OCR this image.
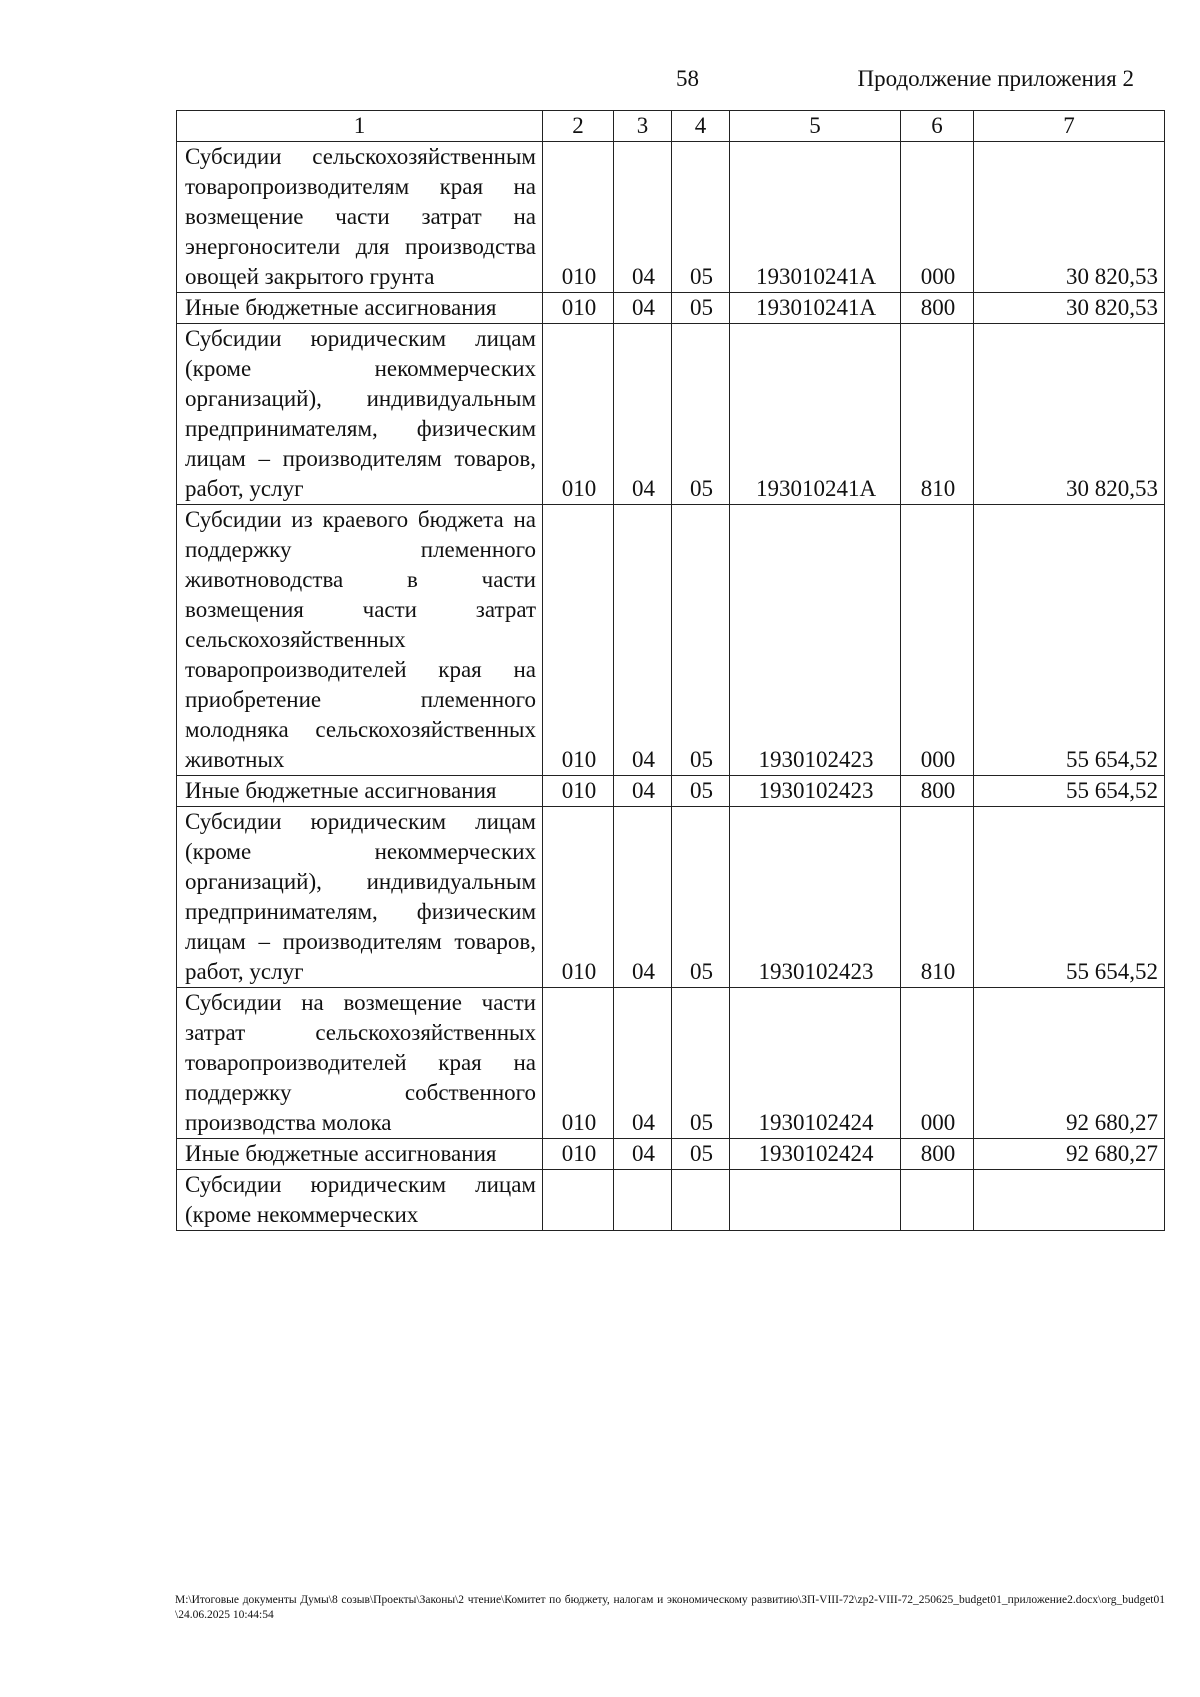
58	Продолжение приложения 2
1	2	3	4	5	6	7
Субсидии сельскохозяйственным товаропроизводителям края на возмещение части затрат на энергоносители для производства овощей закрытого грунта	010	04	05	193010241А	000	30 820,53
Иные бюджетные ассигнования	010	04	05	193010241А	800	30 820,53
Субсидии юридическим лицам (кроме некоммерческих организаций), индивидуальным предпринимателям, физическим лицам – производителям товаров, работ, услуг	010	04	05	193010241А	810	30 820,53
Субсидии из краевого бюджета на поддержку племенного животноводства в части возмещения части затрат сельскохозяйственных товаропроизводителей края на приобретение племенного молодняка сельскохозяйственных животных	010	04	05	1930102423	000	55 654,52
Иные бюджетные ассигнования	010	04	05	1930102423	800	55 654,52
Субсидии юридическим лицам (кроме некоммерческих организаций), индивидуальным предпринимателям, физическим лицам – производителям товаров, работ, услуг	010	04	05	1930102423	810	55 654,52
Субсидии на возмещение части затрат сельскохозяйственных товаропроизводителей края на поддержку собственного производства молока	010	04	05	1930102424	000	92 680,27
Иные бюджетные ассигнования	010	04	05	1930102424	800	92 680,27
Субсидии юридическим лицам (кроме некоммерческих						
M:\Итоговые документы Думы\8 созыв\Проекты\Законы\2 чтение\Комитет по бюджету, налогам и экономическому развитию\ЗП-VIII-72\zp2-VIII-72_250625_budget01_приложение2.docx\org_budget01\24.06.2025 10:44:54
